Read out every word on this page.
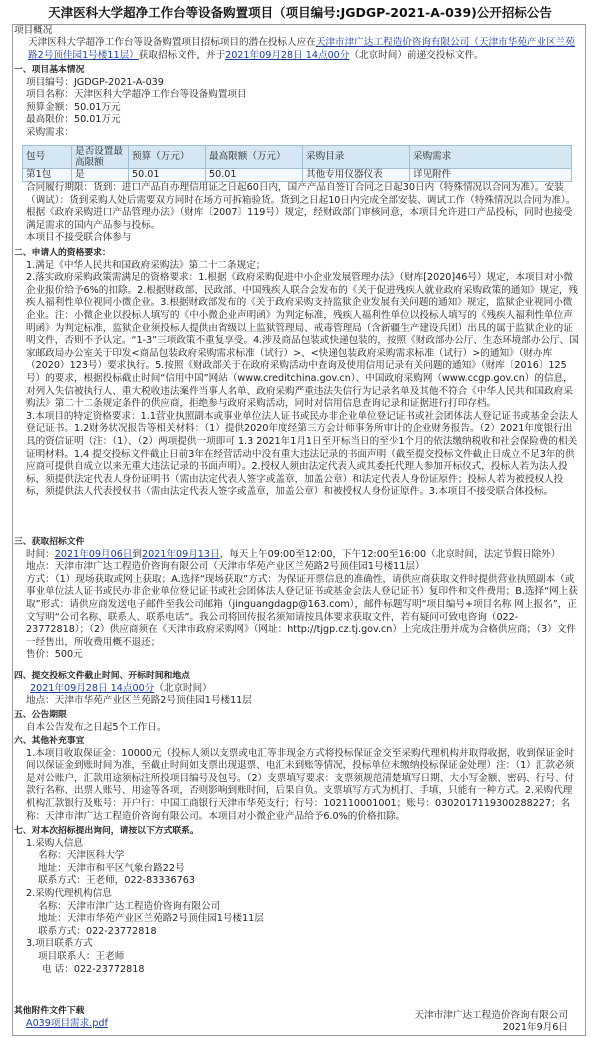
天津医科大学超净工作台等设备购置项目（项目编号:JGDGP-2021-A-039)公开招标公告
项目概况
天津医科大学超净工作台等设备购置项目招标项目的潜在投标人应在天津市津广达工程造价咨询有限公司（天津市华苑产业区兰苑路2号顶佳园1号楼11层）获取招标文件，并于2021年09月28日 14点00分（北京时间）前递交投标文件。
一、项目基本情况
项目编号：JGDGP-2021-A-039
项目名称：天津医科大学超净工作台等设备购置项目
预算金额：50.01万元
最高限价：50.01万元
采购需求：
包号	是否设置最高限额	预算（万元）	最高限额（万元）	采购目录	采购需求
第1包	是	50.01	50.01	其他专用仪器仪表	详见附件
合同履行期限：货到：进口产品自办理信用证之日起60日内，国产产品自签订合同之日起30日内（特殊情况以合同为准）。安装（调试）：货到采购人处后需要双方同时在场方可拆箱验货。货到之日起10日内完成全部安装、调试工作（特殊情况以合同为准）。根据《政府采购进口产品管理办法》（财库〔2007〕119号）规定，经财政部门审核同意，本项目允许进口产品投标，同时也接受满足需求的国内产品参与投标。
本项目不接受联合体参与
二、申请人的资格要求：
1.满足《中华人民共和国政府采购法》第二十二条规定；
2.落实政府采购政策需满足的资格要求：1.根据《政府采购促进中小企业发展管理办法》（财库[2020]46号）规定，本项目对小微企业报价给予6%的扣除。2.根据财政部、民政部、中国残疾人联合会发布的《关于促进残疾人就业政府采购政策的通知》规定，残疾人福利性单位视同小微企业。3.根据财政部发布的《关于政府采购支持监狱企业发展有关问题的通知》规定，监狱企业视同小微企业。注：小微企业以投标人填写的《中小微企业声明函》为判定标准，残疾人福利性单位以投标人填写的《残疾人福利性单位声明函》为判定标准，监狱企业须投标人提供由省级以上监狱管理局、戒毒管理局（含新疆生产建设兵团）出具的属于监狱企业的证明文件，否则不予认定。“1-3”三项政策不重复享受。4.涉及商品包装或快递包装的，按照《财政部办公厅、生态环境部办公厅、国家邮政局办公室关于印发<商品包装政府采购需求标准（试行）>、<快递包装政府采购需求标准（试行）>的通知》（财办库（2020）123号）要求执行。5.按照《财政部关于在政府采购活动中查询及使用信用记录有关问题的通知》（财库〔2016〕125号）的要求，根据投标截止时间“信用中国”网站（www.creditchina.gov.cn）、中国政府采购网（www.ccgp.gov.cn）的信息，对列入失信被执行人、重大税收违法案件当事人名单、政府采购严重违法失信行为记录名单及其他不符合《中华人民共和国政府采购法》第二十二条规定条件的供应商，拒绝参与政府采购活动，同时对信用信息查询记录和证据进行打印存档。
3.本项目的特定资格要求：1.1营业执照副本或事业单位法人证书或民办非企业单位登记证书或社会团体法人登记证书或基金会法人登记证书。1.2财务状况报告等相关材料：（1）提供2020年度经第三方会计师事务所审计的企业财务报告。（2）2021年度银行出具的资信证明（注：（1）、（2）两项提供一项即可 1.3 2021年1月1日至开标当日的至少1个月的依法缴纳税收和社会保险费的相关证明材料。1.4 提交投标文件截止日前3年在经营活动中没有重大违法记录的书面声明（截至提交投标文件截止日成立不足3年的供应商可提供自成立以来无重大违法记录的书面声明）。2.授权人须由法定代表人或其委托代理人参加开标仪式，投标人若为法人投标，须提供法定代表人身份证明书（需由法定代表人签字或盖章，加盖公章）和法定代表人身份证原件；投标人若为被授权人投标，须提供法人代表授权书（需由法定代表人签字或盖章，加盖公章）和被授权人身份证原件。3.本项目不接受联合体投标。
三、获取招标文件
时间：2021年09月06日到2021年09月13日，每天上午09:00至12:00，下午12:00至16:00（北京时间，法定节假日除外）
地点：天津市津广达工程造价咨询有限公司（天津市华苑产业区兰苑路2号顶佳园1号楼11层）
方式：（1）现场获取或网上获取；A.选择“现场获取”方式：为保证开票信息的准确性，请供应商获取文件时提供营业执照副本（或事业单位法人证书或民办非企业单位登记证书或社会团体法人登记证书或基金会法人登记证书）复印件和文件费用；B.选择“网上获取”形式：请供应商发送电子邮件至我公司邮箱（jinguangdagp@163.com），邮件标题写明“项目编号+项目名称 网上报名”，正文写明“公司名称、联系人、联系电话”。我公司将回传报名须知请按具体要求获取文件，若有疑问可致电咨询（022-23772818）；（2）供应商须在《天津市政府采购网》（网址：http://tjgp.cz.tj.gov.cn）上完成注册并成为合格供应商；（3）文件一经售出，所收费用概不退还；
售价：500元
四、提交投标文件截止时间、开标时间和地点
2021年09月28日 14点00分（北京时间）
地点：天津市华苑产业区兰苑路2号顶佳园1号楼11层
五、公告期限
自本公告发布之日起5个工作日。
六、其他补充事宜
1.本项目收取保证金：10000元（投标人须以支票或电汇等非现金方式将投标保证金交至采购代理机构并取得收据，收到保证金时间以保证金到账时间为准，至截止时间如支票出现退票、电汇未到账等情况，投标单位未缴纳投标保证金处理）注：（1）汇款必须是对公账户，汇款用途须标注所投项目编号及包号。（2）支票填写要求：支票须规范清楚填写日期、大小写金额、密码、行号、付款行名称、出票人账号、用途等各项，否则影响到账时间，后果自负。支票填写方式为机打、手填，只能有一种方式。2.采购代理机构汇款银行及账号：开户行：中国工商银行天津市华苑支行；行号：102110001001；账号：0302017119300288227；名称：天津市津广达工程造价咨询有限公司。本项目对小微企业产品给予6.0%的价格扣除。
七、对本次招标提出询问，请按以下方式联系。
1.采购人信息
名称：天津医科大学
地址：天津市和平区气象台路22号
联系方式：王老师，022-83336763
2.采购代理机构信息
名称：天津市津广达工程造价咨询有限公司
地址：天津市华苑产业区兰苑路2号顶佳园1号楼11层
联系方式：022-23772818
3.项目联系方式
项目联系人：王老师
电 话：022-23772818
其他附件文件下载
A039项目需求.pdf
天津市津广达工程造价咨询有限公司
2021年9月6日
